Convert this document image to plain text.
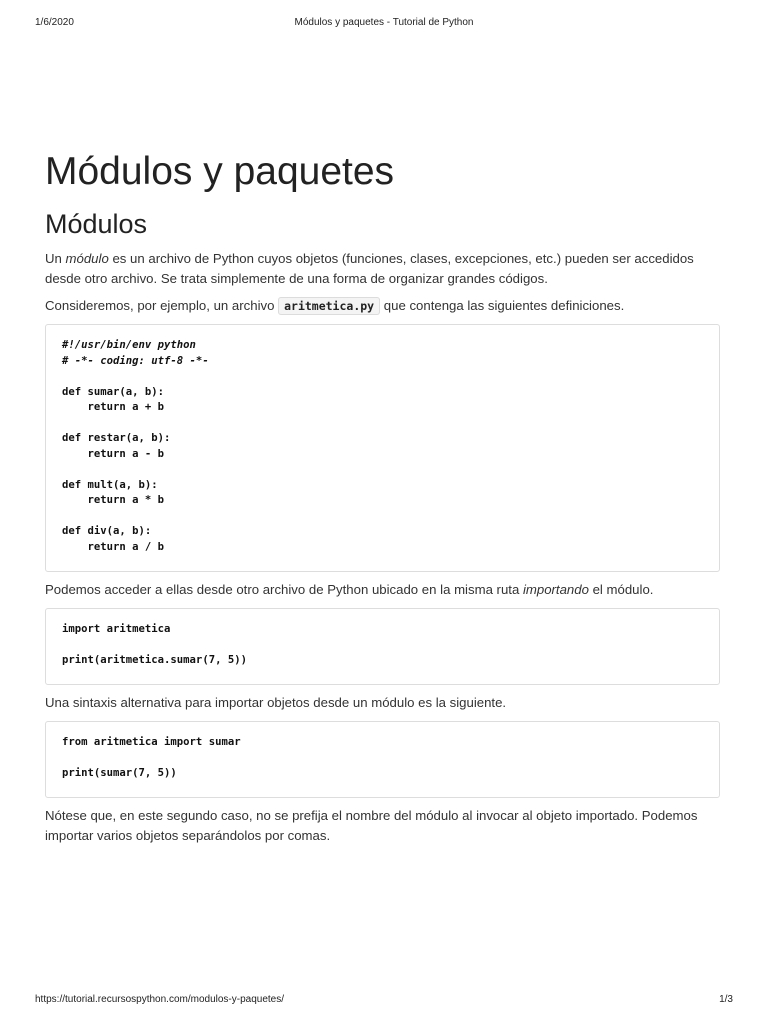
1/6/2020	Módulos y paquetes - Tutorial de Python
Módulos y paquetes
Módulos

Un módulo es un archivo de Python cuyos objetos (funciones, clases, excepciones, etc.) pueden ser accedidos desde otro archivo. Se trata simplemente de una forma de organizar grandes códigos.

Consideremos, por ejemplo, un archivo aritmetica.py que contenga las siguientes definiciones.

#!/usr/bin/env python
# -*- coding: utf-8 -*-
def sumar(a, b):
return a + b
def restar(a, b):
return a - b
def mult(a, b):
return a * b
def div(a, b):
return a / b

Podemos acceder a ellas desde otro archivo de Python ubicado en la misma ruta importando el módulo.

import aritmetica
print(aritmetica.sumar(7, 5))

Una sintaxis alternativa para importar objetos desde un módulo es la siguiente.

from aritmetica import sumar
print(sumar(7, 5))

Nótese que, en este segundo caso, no se prefija el nombre del módulo al invocar al objeto importado. Podemos importar varios objetos separándolos por comas.

https://tutorial.recursospython.com/modulos-y-paquetes/	1/3
